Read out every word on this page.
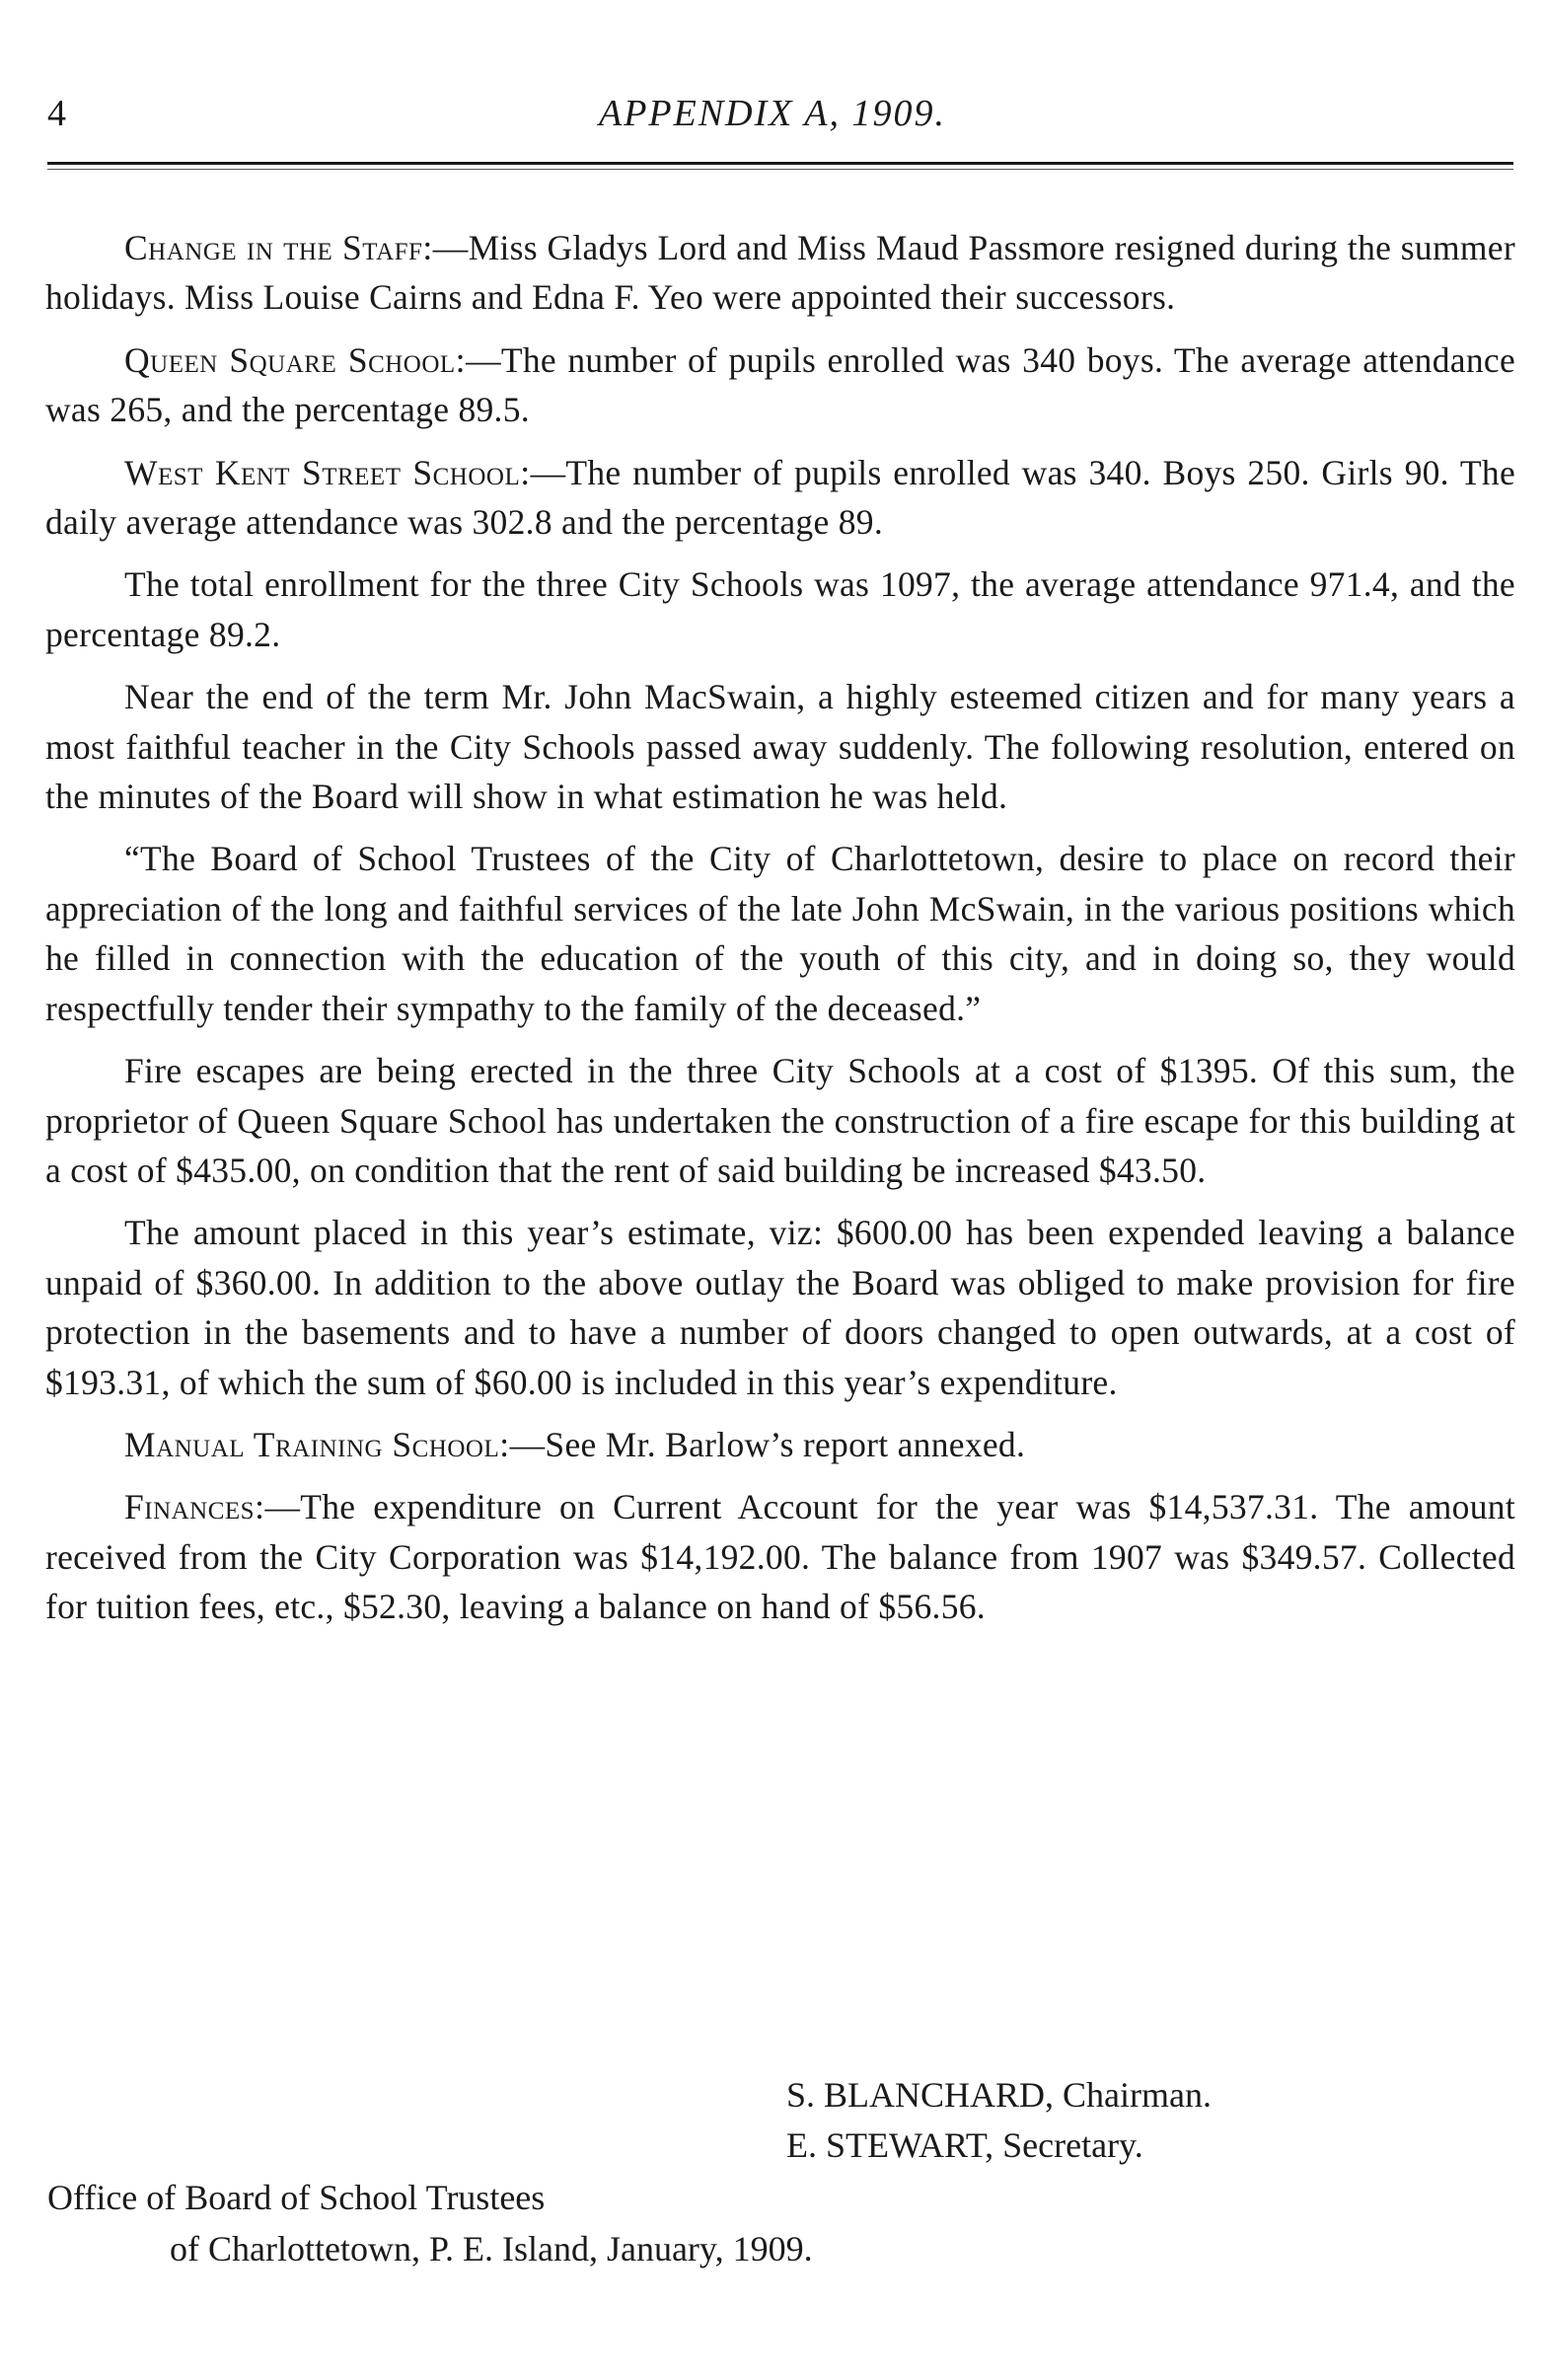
4	APPENDIX A, 1909.

Change in the Staff:—Miss Gladys Lord and Miss Maud Passmore resigned during the summer holidays. Miss Louise Cairns and Edna F. Yeo were appointed their successors.

Queen Square School:—The number of pupils enrolled was 340 boys. The average attendance was 265, and the percentage 89.5.

West Kent Street School:—The number of pupils enrolled was 340. Boys 250. Girls 90. The daily average attendance was 302.8 and the percentage 89.

The total enrollment for the three City Schools was 1097, the average attendance 971.4, and the percentage 89.2.

Near the end of the term Mr. John MacSwain, a highly esteemed citizen and for many years a most faithful teacher in the City Schools passed away suddenly. The following resolution, entered on the minutes of the Board will show in what estimation he was held.

“The Board of School Trustees of the City of Charlottetown, desire to place on record their appreciation of the long and faithful services of the late John McSwain, in the various positions which he filled in connection with the education of the youth of this city, and in doing so, they would respectfully tender their sympathy to the family of the deceased.”

Fire escapes are being erected in the three City Schools at a cost of $1395. Of this sum, the proprietor of Queen Square School has undertaken the construction of a fire escape for this building at a cost of $435.00, on condition that the rent of said building be increased $43.50.

The amount placed in this year’s estimate, viz: $600.00 has been expended leaving a balance unpaid of $360.00. In addition to the above outlay the Board was obliged to make provision for fire protection in the basements and to have a number of doors changed to open outwards, at a cost of $193.31, of which the sum of $60.00 is included in this year’s expenditure.

Manual Training School:—See Mr. Barlow’s report annexed.

Finances:—The expenditure on Current Account for the year was $14,537.31. The amount received from the City Corporation was $14,192.00. The balance from 1907 was $349.57. Collected for tuition fees, etc., $52.30, leaving a balance on hand of $56.56.

S. BLANCHARD, Chairman.
E. STEWART, Secretary.
Office of Board of School Trustees
of Charlottetown, P. E. Island, January, 1909.
